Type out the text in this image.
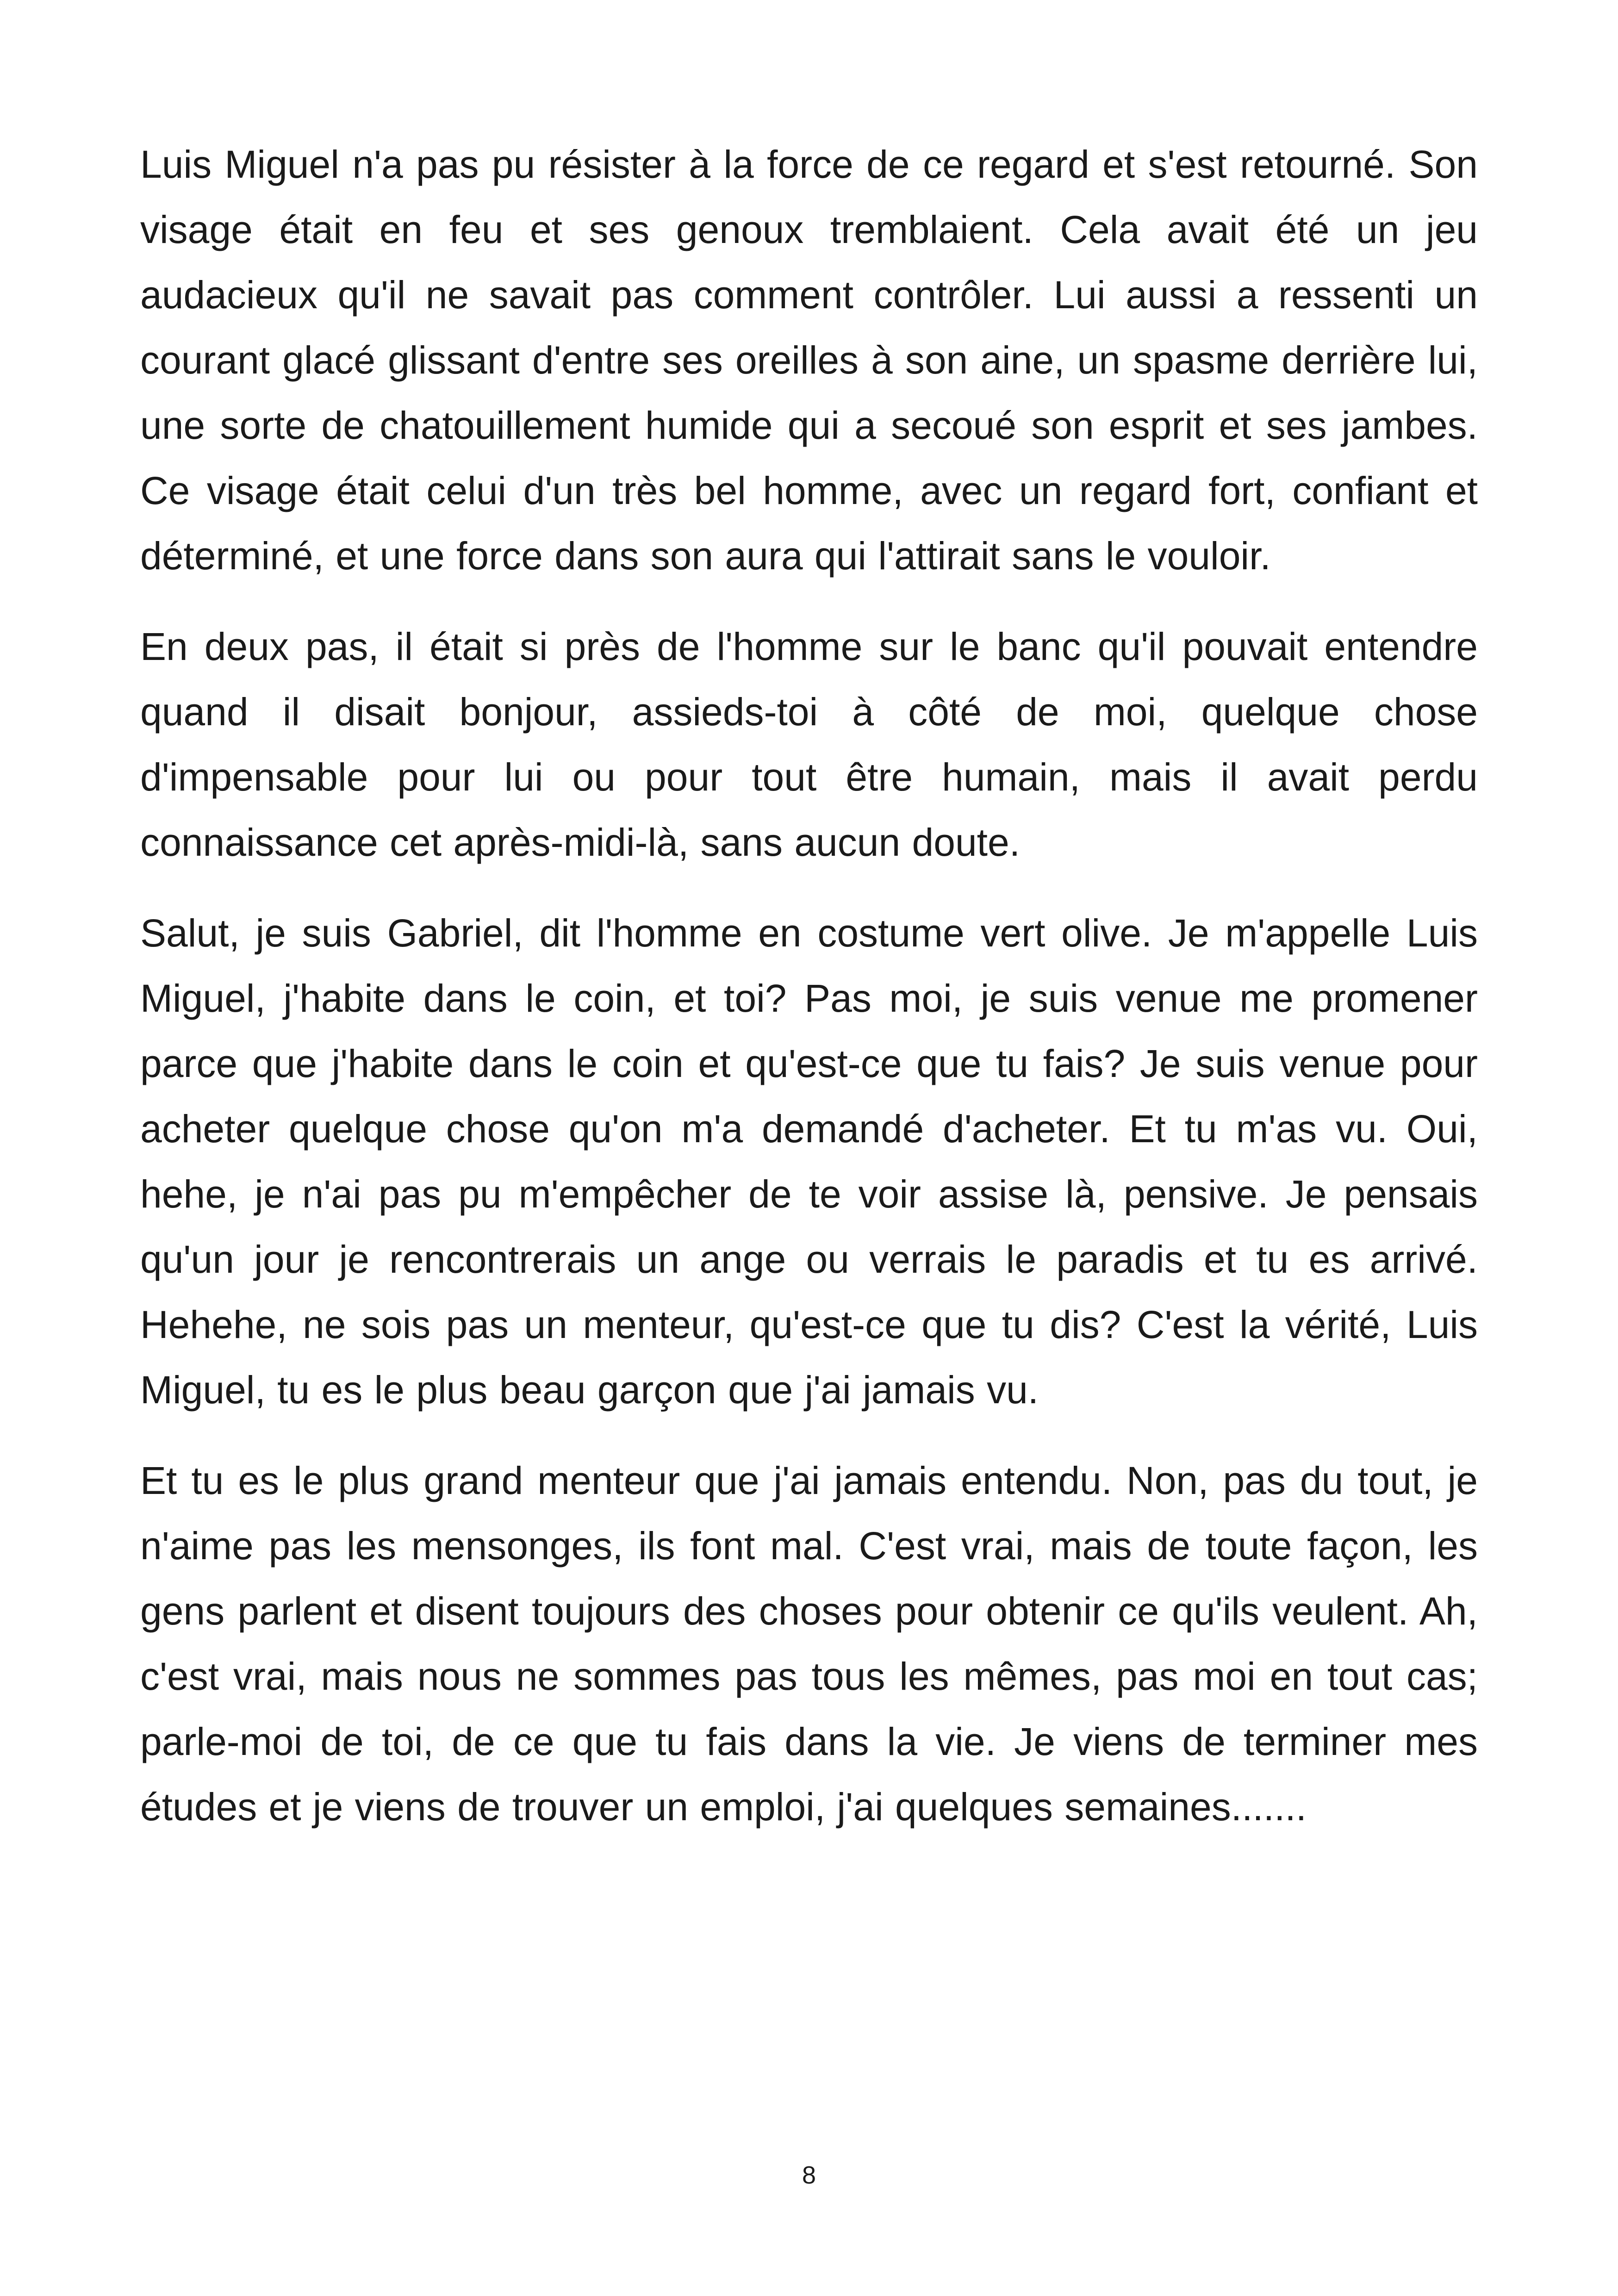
Luis Miguel n'a pas pu résister à la force de ce regard et s'est retourné. Son visage était en feu et ses genoux tremblaient. Cela avait été un jeu audacieux qu'il ne savait pas comment contrôler. Lui aussi a ressenti un courant glacé glissant d'entre ses oreilles à son aine, un spasme derrière lui, une sorte de chatouillement humide qui a secoué son esprit et ses jambes. Ce visage était celui d'un très bel homme, avec un regard fort, confiant et déterminé, et une force dans son aura qui l'attirait sans le vouloir.

En deux pas, il était si près de l'homme sur le banc qu'il pouvait entendre quand il disait bonjour, assieds-toi à côté de moi, quelque chose d'impensable pour lui ou pour tout être humain, mais il avait perdu connaissance cet après-midi-là, sans aucun doute.

Salut, je suis Gabriel, dit l'homme en costume vert olive. Je m'appelle Luis Miguel, j'habite dans le coin, et toi? Pas moi, je suis venue me promener parce que j'habite dans le coin et qu'est-ce que tu fais? Je suis venue pour acheter quelque chose qu'on m'a demandé d'acheter. Et tu m'as vu. Oui, hehe, je n'ai pas pu m'empêcher de te voir assise là, pensive. Je pensais qu'un jour je rencontrerais un ange ou verrais le paradis et tu es arrivé. Hehehe, ne sois pas un menteur, qu'est-ce que tu dis? C'est la vérité, Luis Miguel, tu es le plus beau garçon que j'ai jamais vu.

Et tu es le plus grand menteur que j'ai jamais entendu. Non, pas du tout, je n'aime pas les mensonges, ils font mal. C'est vrai, mais de toute façon, les gens parlent et disent toujours des choses pour obtenir ce qu'ils veulent. Ah, c'est vrai, mais nous ne sommes pas tous les mêmes, pas moi en tout cas; parle-moi de toi, de ce que tu fais dans la vie. Je viens de terminer mes études et je viens de trouver un emploi, j'ai quelques semaines.......

8
